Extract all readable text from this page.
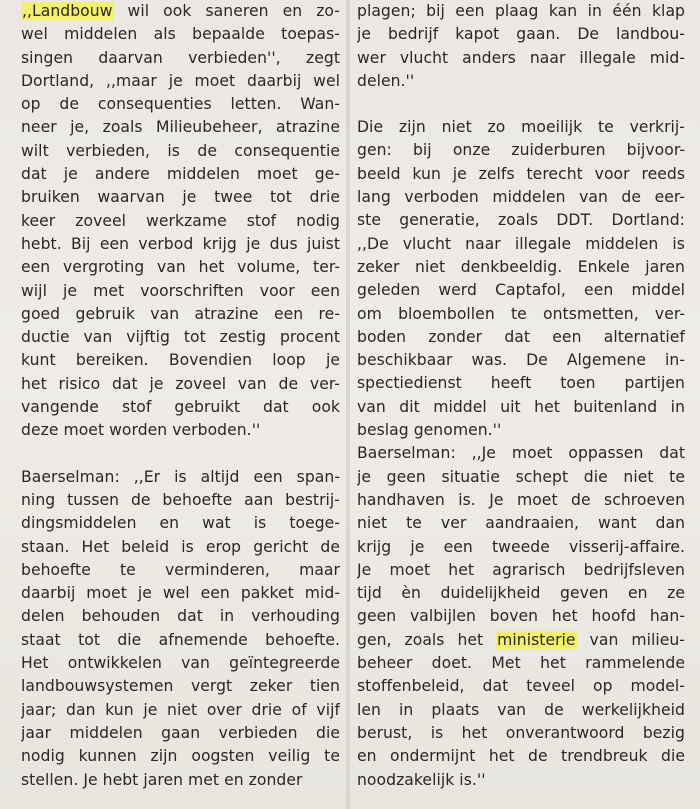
,,Landbouw wil ook saneren en zo-
wel middelen als bepaalde toepas-
singen daarvan verbieden'', zegt
Dortland, ,,maar je moet daarbij wel
op de consequenties letten. Wan-
neer je, zoals Milieubeheer, atrazine
wilt verbieden, is de consequentie
dat je andere middelen moet ge-
bruiken waarvan je twee tot drie
keer zoveel werkzame stof nodig
hebt. Bij een verbod krijg je dus juist
een vergroting van het volume, ter-
wijl je met voorschriften voor een
goed gebruik van atrazine een re-
ductie van vijftig tot zestig procent
kunt bereiken. Bovendien loop je
het risico dat je zoveel van de ver-
vangende stof gebruikt dat ook
deze moet worden verboden.''
Baerselman: ,,Er is altijd een span-
ning tussen de behoefte aan bestrij-
dingsmiddelen en wat is toege-
staan. Het beleid is erop gericht de
behoefte te verminderen, maar
daarbij moet je wel een pakket mid-
delen behouden dat in verhouding
staat tot die afnemende behoefte.
Het ontwikkelen van geïntegreerde
landbouwsystemen vergt zeker tien
jaar; dan kun je niet over drie of vijf
jaar middelen gaan verbieden die
nodig kunnen zijn oogsten veilig te
stellen. Je hebt jaren met en zonder
plagen; bij een plaag kan in één klap
je bedrijf kapot gaan. De landbou-
wer vlucht anders naar illegale mid-
delen.''
Die zijn niet zo moeilijk te verkrij-
gen: bij onze zuiderburen bijvoor-
beeld kun je zelfs terecht voor reeds
lang verboden middelen van de eer-
ste generatie, zoals DDT. Dortland:
,,De vlucht naar illegale middelen is
zeker niet denkbeeldig. Enkele jaren
geleden werd Captafol, een middel
om bloembollen te ontsmetten, ver-
boden zonder dat een alternatief
beschikbaar was. De Algemene in-
spectiedienst heeft toen partijen
van dit middel uit het buitenland in
beslag genomen.''
Baerselman: ,,Je moet oppassen dat
je geen situatie schept die niet te
handhaven is. Je moet de schroeven
niet te ver aandraaien, want dan
krijg je een tweede visserij-affaire.
Je moet het agrarisch bedrijfsleven
tijd èn duidelijkheid geven en ze
geen valbijlen boven het hoofd han-
gen, zoals het ministerie van milieu-
beheer doet. Met het rammelende
stoffenbeleid, dat teveel op model-
len in plaats van de werkelijkheid
berust, is het onverantwoord bezig
en ondermijnt het de trendbreuk die
noodzakelijk is.''
